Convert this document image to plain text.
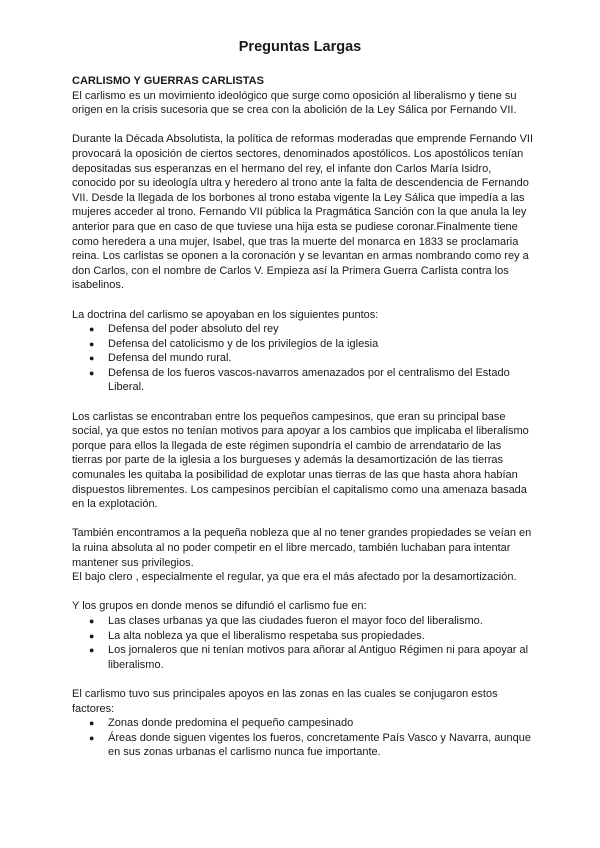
Preguntas Largas
CARLISMO Y GUERRAS CARLISTAS

El carlismo es un movimiento ideológico que surge como oposición al liberalismo y tiene su origen en la crisis sucesoria que se crea con la abolición de la Ley Sálica por Fernando VII.

Durante la Década Absolutista, la política de reformas moderadas que emprende Fernando VII provocará la oposición de ciertos sectores, denominados apostólicos. Los apostólicos tenían depositadas sus esperanzas en el hermano del rey, el infante don Carlos María Isidro, conocido por su ideología ultra y heredero al trono ante la falta de descendencia de Fernando VII. Desde la llegada de los borbones al trono estaba vigente la Ley Sálica que impedía a las mujeres acceder al trono. Fernando VII pública la Pragmática Sanción con la que anula la ley anterior para que en caso de que tuviese una hija esta se pudiese coronar.Finalmente tiene como heredera a una mujer, Isabel, que tras la muerte del monarca en 1833 se proclamaria reina. Los carlistas se oponen a la coronación y se levantan en armas nombrando como rey a don Carlos, con el nombre de Carlos V. Empieza así la Primera Guerra Carlista contra los isabelinos.

La doctrina del carlismo se apoyaban en los siguientes puntos:

● Defensa del poder absoluto del rey
● Defensa del catolicismo y de los privilegios de la iglesia
● Defensa del mundo rural.
● Defensa de los fueros vascos-navarros amenazados por el centralismo del Estado Liberal.

Los carlistas se encontraban entre los pequeños campesinos, que eran su principal base social, ya que estos no tenían motivos para apoyar a los cambios que implicaba el liberalismo porque para ellos la llegada de este régimen supondría el cambio de arrendatario de las tierras por parte de la iglesia a los burgueses y además la desamortización de las tierras comunales les quitaba la posibilidad de explotar unas tierras de las que hasta ahora habían dispuestos librementes. Los campesinos percibían el capitalismo como una amenaza basada en la explotación.

También encontramos a la pequeña nobleza que al no tener grandes propiedades se veían en la ruina absoluta al no poder competir en el libre mercado, también luchaban para intentar mantener sus privilegios.

El bajo clero , especialmente el regular, ya que era el más afectado por la desamortización.

Y los grupos en donde menos se difundió el carlismo fue en:

● Las clases urbanas ya que las ciudades fueron el mayor foco del liberalismo.
● La alta nobleza ya que el liberalismo respetaba sus propiedades.
● Los jornaleros que ni tenían motivos para añorar al Antiguo Régimen ni para apoyar al liberalismo.

El carlismo tuvo sus principales apoyos en las zonas en las cuales se conjugaron estos factores:

● Zonas donde predomina el pequeño campesinado
● Áreas donde siguen vigentes los fueros, concretamente País Vasco y Navarra, aunque en sus zonas urbanas el carlismo nunca fue importante.
